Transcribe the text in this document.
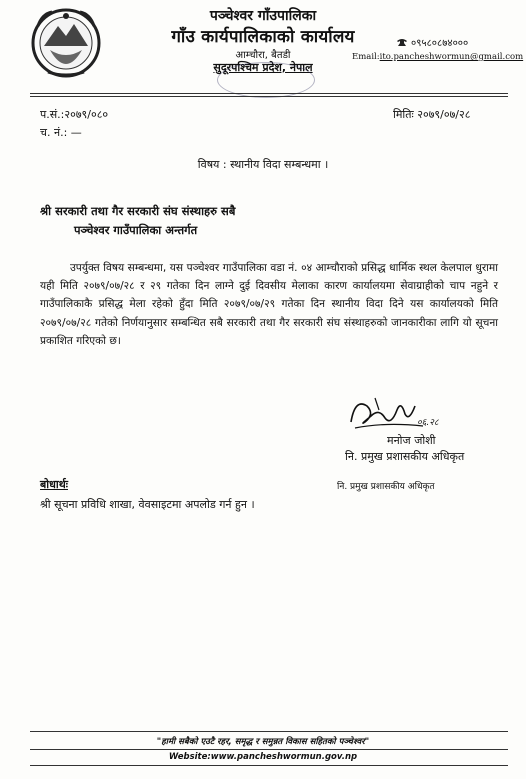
पञ्चेश्वर गाँउपालिका
गाँउ कार्यपालिकाको कार्यालय
आम्चौरा, बैतडी
सुदूरपश्चिम प्रदेश, नेपाल
०९५८०८७४०००
Email:ito.pancheshwormun@gmail.com
प.सं.:२०७९/०८०	मितिः २०७९/०७/२८
च. नं.: —
विषय : स्थानीय विदा सम्बन्धमा ।
श्री सरकारी तथा गैर सरकारी संघ संस्थाहरु सबै
पञ्चेश्वर गाउँपालिका अन्तर्गत
उपर्युक्त विषय सम्बन्धमा, यस पञ्चेश्वर गाउँपालिका वडा नं. ०४ आम्चौराको प्रसिद्ध धार्मिक स्थल केलपाल धुरामा यही मिति २०७९/०७/२८ र २९ गतेका दिन लाग्ने दुई दिवसीय मेलाका कारण कार्यालयमा सेवाग्राहीको चाप नहुने र गाउँपालिकाकै प्रसिद्ध मेला रहेको हुँदा मिति २०७९/०७/२९ गतेका दिन स्थानीय विदा दिने यस कार्यालयको मिति २०७९/०७/२८ गतेको निर्णयानुसार सम्बन्धित सबै सरकारी तथा गैर सरकारी संघ संस्थाहरुको जानकारीका लागि यो सूचना प्रकाशित गरिएको छ।
०६.२८
मनोज जोशी
नि. प्रमुख प्रशासकीय अधिकृत
नि. प्रमुख प्रशासकीय अधिकृत
बोधार्थः
श्री सूचना प्रविधि शाखा, वेवसाइटमा अपलोड गर्न हुन ।
"हामी सबैको एउटै रहर, समृद्ध र समुन्नत विकास सहितको पञ्चेश्वर"
Website:www.pancheshwormun.gov.np
